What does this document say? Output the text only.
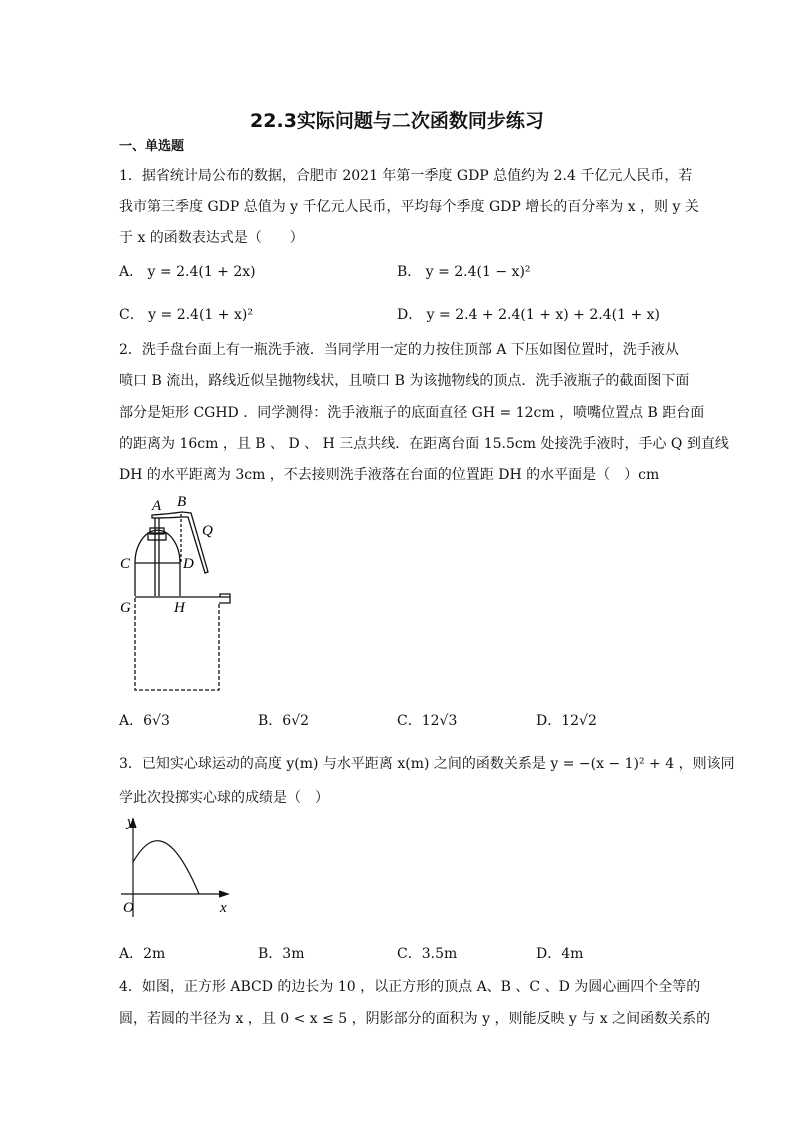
22.3实际问题与二次函数同步练习
一、单选题
1．据省统计局公布的数据，合肥市 2021 年第一季度 GDP 总值约为 2.4 千亿元人民币，若
我市第三季度 GDP 总值为 y 千亿元人民币，平均每个季度 GDP 增长的百分率为 x ，则 y 关
于 x 的函数表达式是（　　）
A． y = 2.4(1 + 2x)	B． y = 2.4(1 − x)²
C． y = 2.4(1 + x)²	D． y = 2.4 + 2.4(1 + x) + 2.4(1 + x)
2．洗手盘台面上有一瓶洗手液．当同学用一定的力按住顶部 A 下压如图位置时，洗手液从
喷口 B 流出，路线近似呈抛物线状，且喷口 B 为该抛物线的顶点．洗手液瓶子的截面图下面
部分是矩形 CGHD ．同学测得：洗手液瓶子的底面直径 GH = 12cm ，喷嘴位置点 B 距台面
的距离为 16cm ，且 B 、 D 、 H 三点共线．在距离台面 15.5cm 处接洗手液时，手心 Q 到直线
DH 的水平距离为 3cm ，不去接则洗手液落在台面的位置距 DH 的水平面是（　）cm
A B
Q
C	D
G	H
A．6√3	B．6√2	C．12√3	D．12√2
3．已知实心球运动的高度 y(m) 与水平距离 x(m) 之间的函数关系是 y = −(x − 1)² + 4 ，则该同
学此次投掷实心球的成绩是（　）
y
x
O
A．2m	B．3m	C．3.5m	D．4m
4．如图，正方形 ABCD 的边长为 10 ，以正方形的顶点 A、B 、C 、D 为圆心画四个全等的
圆，若圆的半径为 x ，且 0 < x ≤ 5 ，阴影部分的面积为 y ，则能反映 y 与 x 之间函数关系的
